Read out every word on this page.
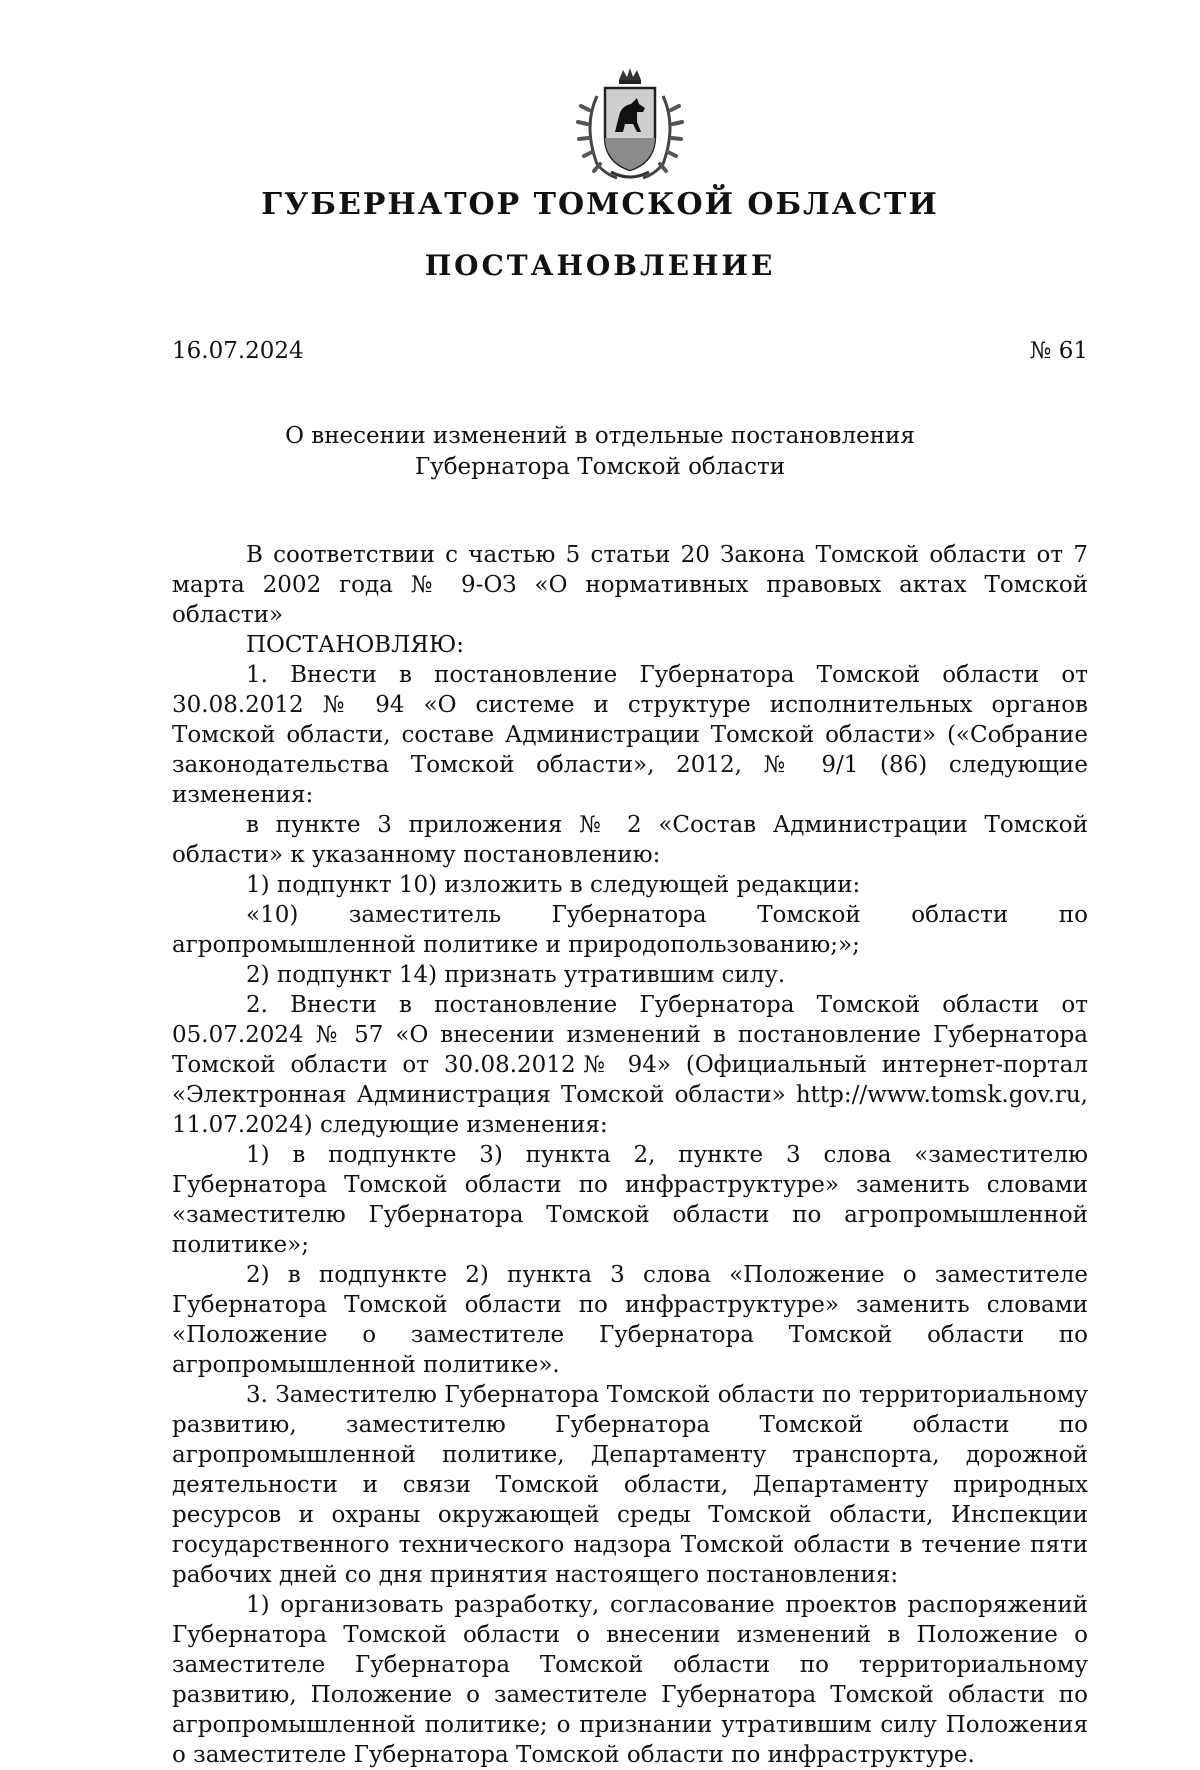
ГУБЕРНАТОР ТОМСКОЙ ОБЛАСТИ
ПОСТАНОВЛЕНИЕ
16.07.2024	№ 61
О внесении изменений в отдельные постановления
Губернатора Томской области

В соответствии с частью 5 статьи 20 Закона Томской области от 7 марта 2002 года № 9-ОЗ «О нормативных правовых актах Томской области»

ПОСТАНОВЛЯЮ:

1. Внести в постановление Губернатора Томской области от 30.08.2012 № 94 «О системе и структуре исполнительных органов Томской области, составе Администрации Томской области» («Собрание законодательства Томской области», 2012, № 9/1 (86) следующие изменения:

в пункте 3 приложения № 2 «Состав Администрации Томской области» к указанному постановлению:

1) подпункт 10) изложить в следующей редакции:

«10) заместитель Губернатора Томской области по агропромышленной политике и природопользованию;»;

2) подпункт 14) признать утратившим силу.

2. Внести в постановление Губернатора Томской области от 05.07.2024 № 57 «О внесении изменений в постановление Губернатора Томской области от 30.08.2012№ 94» (Официальный интернет-портал «Электронная Администрация Томской области» http://www.tomsk.gov.ru, 11.07.2024) следующие изменения:

1) в подпункте 3) пункта 2, пункте 3 слова «заместителю Губернатора Томской области по инфраструктуре» заменить словами «заместителю Губернатора Томской области по агропромышленной политике»;

2) в подпункте 2) пункта 3 слова «Положение о заместителе Губернатора Томской области по инфраструктуре» заменить словами «Положение о заместителе Губернатора Томской области по агропромышленной политике».

3. Заместителю Губернатора Томской области по территориальному развитию, заместителю Губернатора Томской области по агропромышленной политике, Департаменту транспорта, дорожной деятельности и связи Томской области, Департаменту природных ресурсов и охраны окружающей среды Томской области, Инспекции государственного технического надзора Томской области в течение пяти рабочих дней со дня принятия настоящего постановления:

1) организовать разработку, согласование проектов распоряжений Губернатора Томской области о внесении изменений в Положение о заместителе Губернатора Томской области по территориальному развитию, Положение о заместителе Губернатора Томской области по агропромышленной политике; о признании утратившим силу Положения о заместителе Губернатора Томской области по инфраструктуре.
